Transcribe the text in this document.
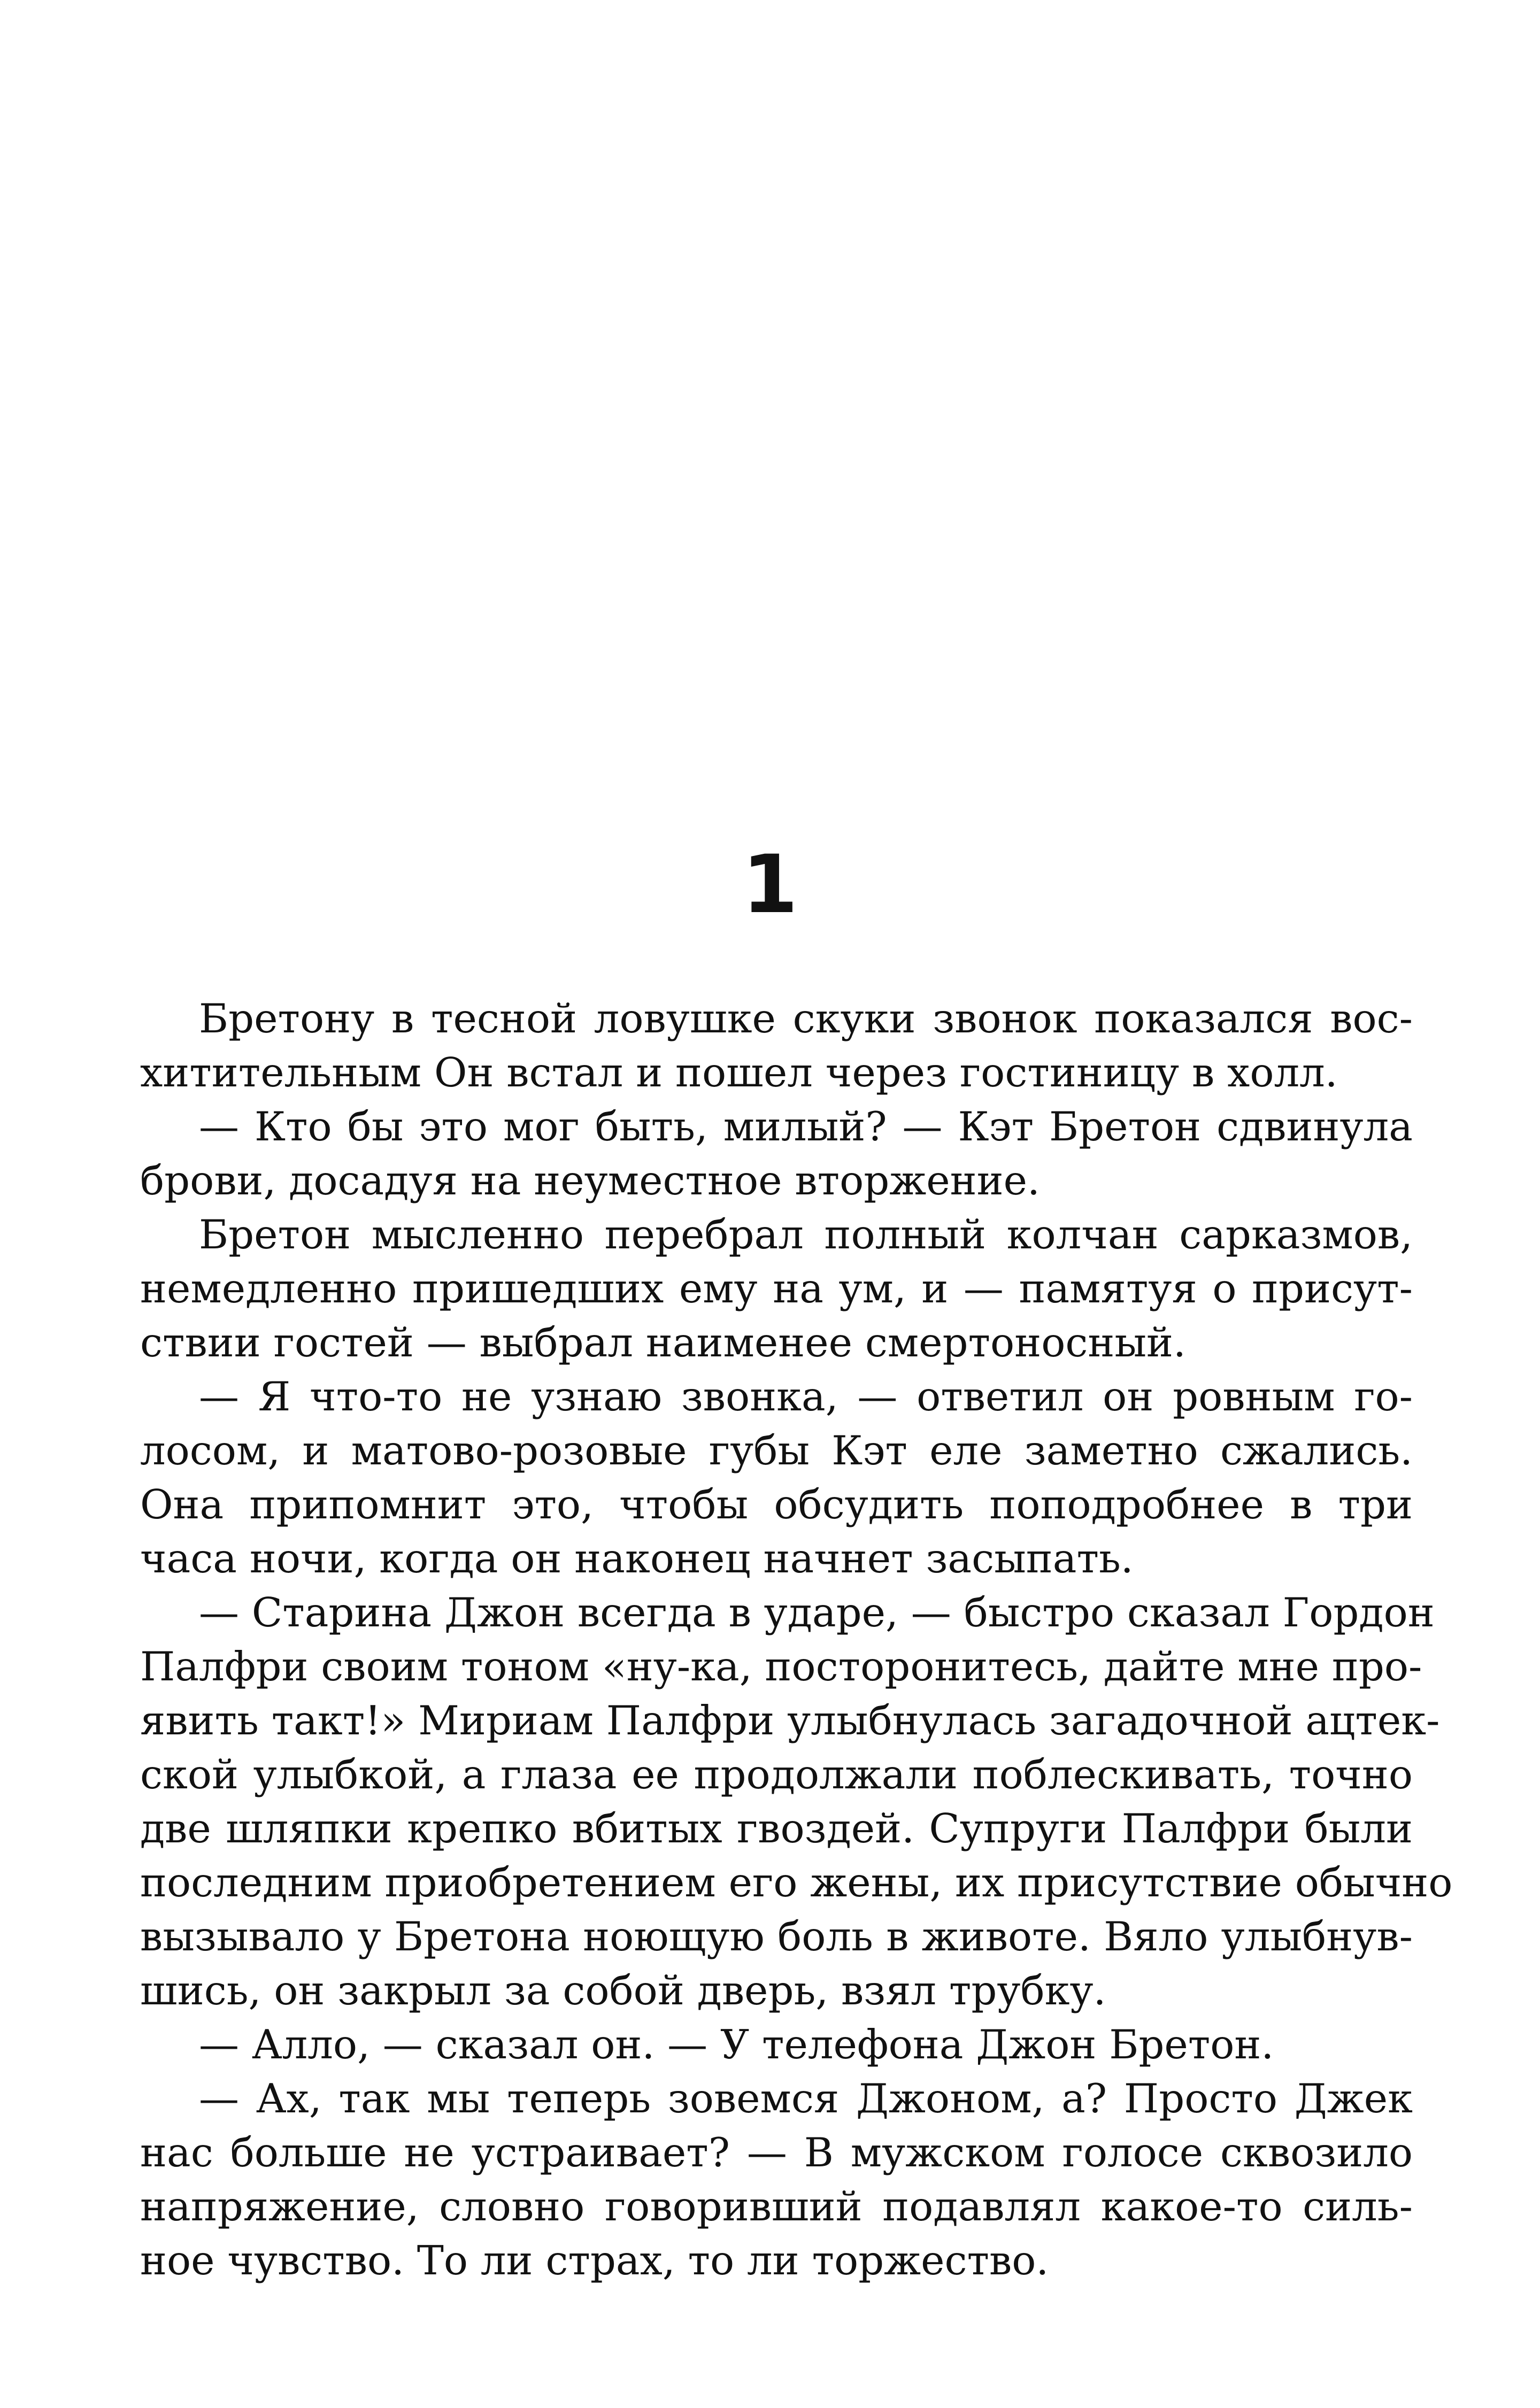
1
Бретону в тесной ловушке скуки звонок показался вос-
хитительным Он встал и пошел через гостиницу в холл.
— Кто бы это мог быть, милый? — Кэт Бретон сдвинула
брови, досадуя на неуместное вторжение.
Бретон мысленно перебрал полный колчан сарказмов,
немедленно пришедших ему на ум, и — памятуя о присут-
ствии гостей — выбрал наименее смертоносный.
— Я что-то не узнаю звонка, — ответил он ровным го-
лосом, и матово-розовые губы Кэт еле заметно сжались.
Она припомнит это, чтобы обсудить поподробнее в три
часа ночи, когда он наконец начнет засыпать.
— Старина Джон всегда в ударе, — быстро сказал Гордон
Палфри своим тоном «ну-ка, посторонитесь, дайте мне про-
явить такт!» Мириам Палфри улыбнулась загадочной ацтек-
ской улыбкой, а глаза ее продолжали поблескивать, точно
две шляпки крепко вбитых гвоздей. Супруги Палфри были
последним приобретением его жены, их присутствие обычно
вызывало у Бретона ноющую боль в животе. Вяло улыбнув-
шись, он закрыл за собой дверь, взял трубку.
— Алло, — сказал он. — У телефона Джон Бретон.
— Ах, так мы теперь зовемся Джоном, а? Просто Джек
нас больше не устраивает? — В мужском голосе сквозило
напряжение, словно говоривший подавлял какое-то силь-
ное чувство. То ли страх, то ли торжество.
